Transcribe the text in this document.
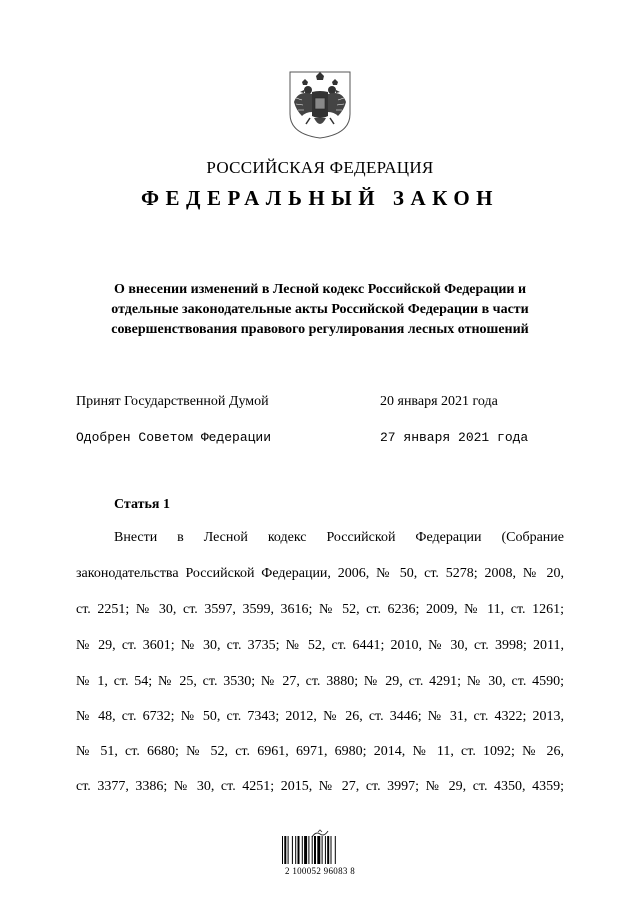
РОССИЙСКАЯ ФЕДЕРАЦИЯ
ФЕДЕРАЛЬНЫЙ ЗАКОН
О внесении изменений в Лесной кодекс Российской Федерации и
отдельные законодательные акты Российской Федерации в части
совершенствования правового регулирования лесных отношений
Принят Государственной Думой	20 января 2021 года
Одобрен Советом Федерации	27 января 2021 года
Статья 1
Внести в Лесной кодекс Российской Федерации (Собрание
законодательства Российской Федерации, 2006, № 50, ст. 5278; 2008, № 20,
ст. 2251; № 30, ст. 3597, 3599, 3616; № 52, ст. 6236; 2009, № 11, ст. 1261;
№ 29, ст. 3601; № 30, ст. 3735; № 52, ст. 6441; 2010, № 30, ст. 3998; 2011,
№ 1, ст. 54; № 25, ст. 3530; № 27, ст. 3880; № 29, ст. 4291; № 30, ст. 4590;
№ 48, ст. 6732; № 50, ст. 7343; 2012, № 26, ст. 3446; № 31, ст. 4322; 2013,
№ 51, ст. 6680; № 52, ст. 6961, 6971, 6980; 2014, № 11, ст. 1092; № 26,
ст. 3377, 3386; № 30, ст. 4251; 2015, № 27, ст. 3997; № 29, ст. 4350, 4359;
2 100052 96083 8
